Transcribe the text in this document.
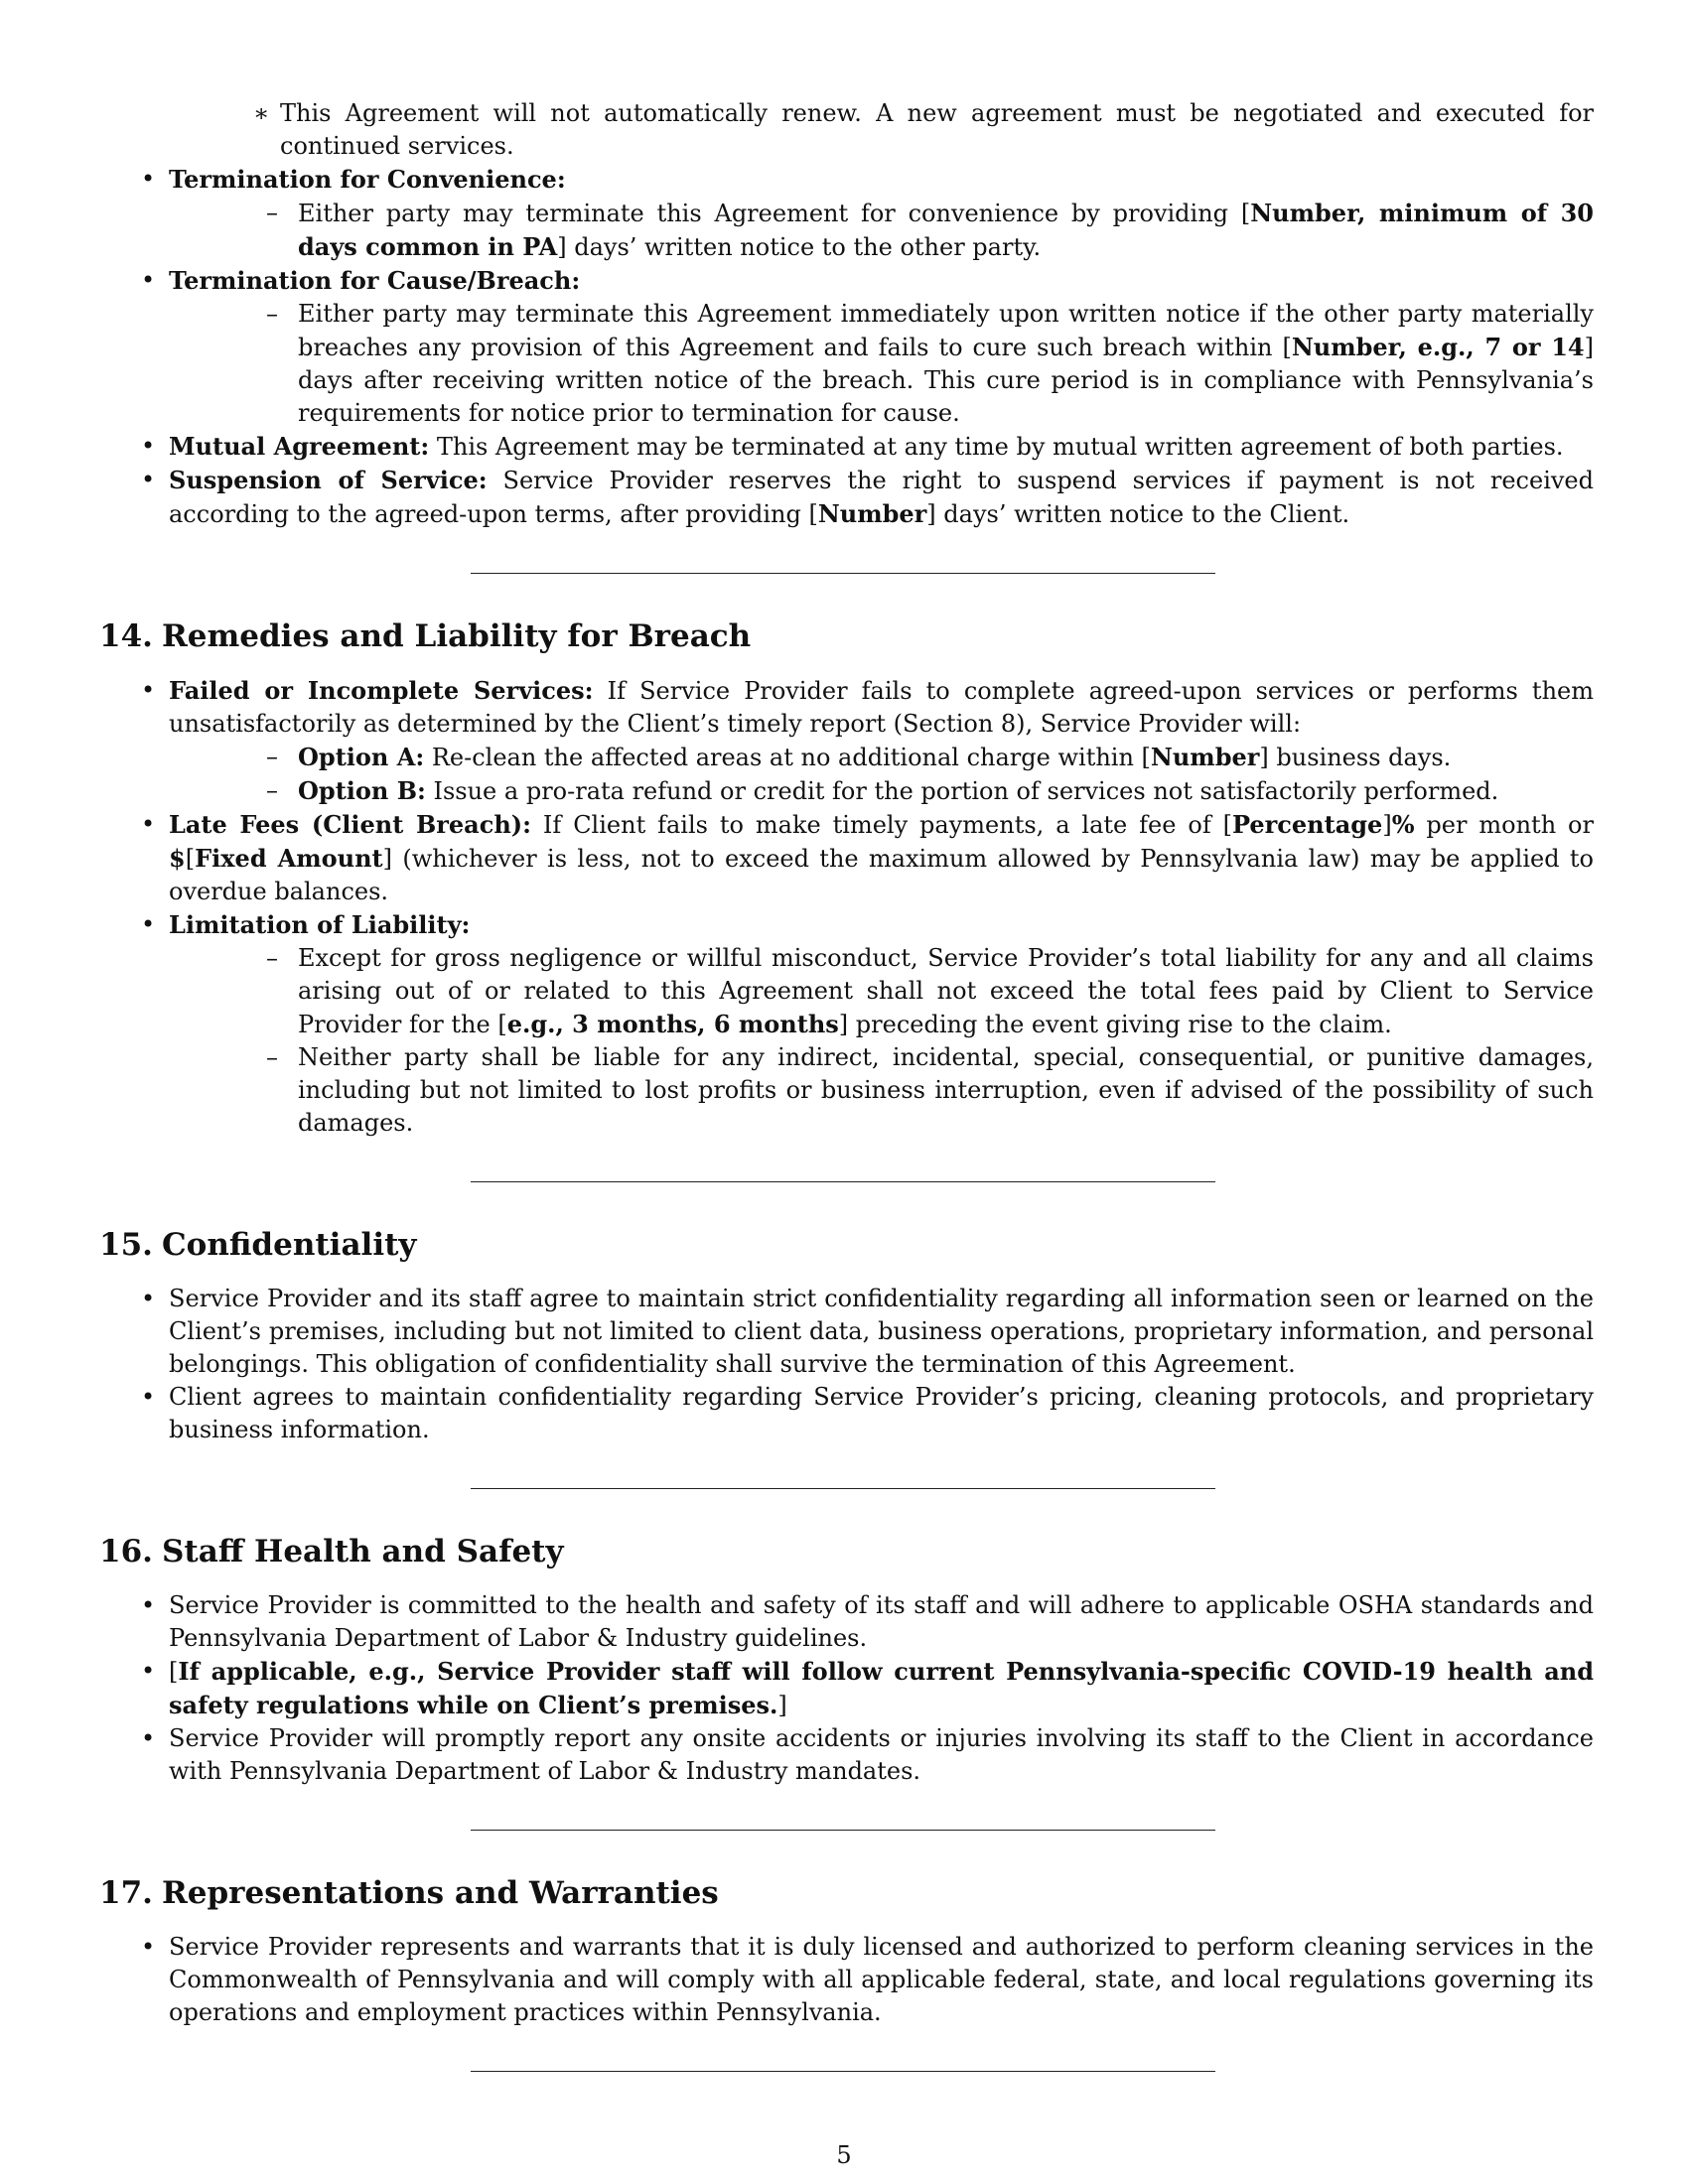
∗ This Agreement will not automatically renew. A new agreement must be negotiated and executed for continued services.
• Termination for Convenience:
– Either party may terminate this Agreement for convenience by providing [Number, minimum of 30 days common in PA] days’ written notice to the other party.
• Termination for Cause/Breach:
– Either party may terminate this Agreement immediately upon written notice if the other party materially breaches any provision of this Agreement and fails to cure such breach within [Number, e.g., 7 or 14] days after receiving written notice of the breach. This cure period is in compliance with Pennsylvania’s requirements for notice prior to termination for cause.
• Mutual Agreement: This Agreement may be terminated at any time by mutual written agreement of both parties.
• Suspension of Service: Service Provider reserves the right to suspend services if payment is not received according to the agreed-upon terms, after providing [Number] days’ written notice to the Client.
14. Remedies and Liability for Breach
• Failed or Incomplete Services: If Service Provider fails to complete agreed-upon services or performs them unsatisfactorily as determined by the Client’s timely report (Section 8), Service Provider will:
– Option A: Re-clean the affected areas at no additional charge within [Number] business days.
– Option B: Issue a pro-rata refund or credit for the portion of services not satisfactorily performed.
• Late Fees (Client Breach): If Client fails to make timely payments, a late fee of [Percentage]% per month or $[Fixed Amount] (whichever is less, not to exceed the maximum allowed by Pennsylvania law) may be applied to overdue balances.
• Limitation of Liability:
– Except for gross negligence or willful misconduct, Service Provider’s total liability for any and all claims arising out of or related to this Agreement shall not exceed the total fees paid by Client to Service Provider for the [e.g., 3 months, 6 months] preceding the event giving rise to the claim.
– Neither party shall be liable for any indirect, incidental, special, consequential, or punitive damages, including but not limited to lost profits or business interruption, even if advised of the possibility of such damages.
15. Confidentiality
• Service Provider and its staff agree to maintain strict confidentiality regarding all information seen or learned on the Client’s premises, including but not limited to client data, business operations, proprietary information, and personal belongings. This obligation of confidentiality shall survive the termination of this Agreement.
• Client agrees to maintain confidentiality regarding Service Provider’s pricing, cleaning protocols, and proprietary business information.
16. Staff Health and Safety
• Service Provider is committed to the health and safety of its staff and will adhere to applicable OSHA standards and Pennsylvania Department of Labor & Industry guidelines.
• [If applicable, e.g., Service Provider staff will follow current Pennsylvania-specific COVID-19 health and safety regulations while on Client’s premises.]
• Service Provider will promptly report any onsite accidents or injuries involving its staff to the Client in accordance with Pennsylvania Department of Labor & Industry mandates.
17. Representations and Warranties
• Service Provider represents and warrants that it is duly licensed and authorized to perform cleaning services in the Commonwealth of Pennsylvania and will comply with all applicable federal, state, and local regulations governing its operations and employment practices within Pennsylvania.
5
